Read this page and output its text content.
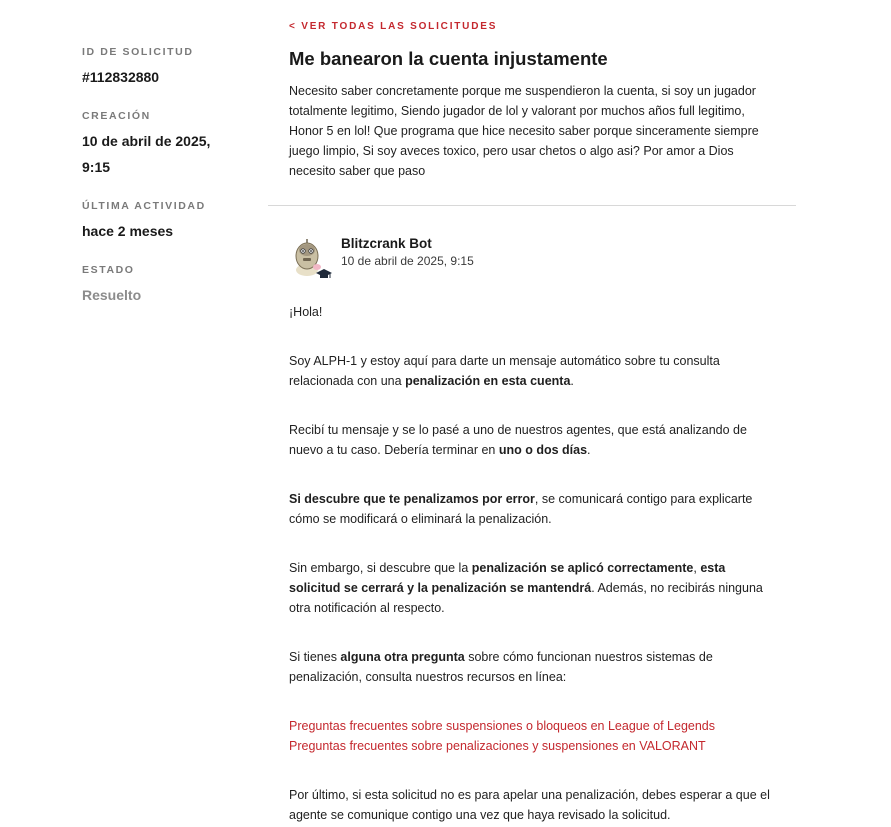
ID DE SOLICITUD
#112832880
CREACIÓN
10 de abril de 2025,
9:15
ÚLTIMA ACTIVIDAD
hace 2 meses
ESTADO
Resuelto
< VER TODAS LAS SOLICITUDES
Me banearon la cuenta injustamente

Necesito saber concretamente porque me suspendieron la cuenta, si soy un jugador totalmente legitimo, Siendo jugador de lol y valorant por muchos años full legitimo, Honor 5 en lol! Que programa que hice necesito saber porque sinceramente siempre juego limpio, Si soy aveces toxico, pero usar chetos o algo asi? Por amor a Dios necesito saber que paso

Blitzcrank Bot
10 de abril de 2025, 9:15
¡Hola!
Soy ALPH-1 y estoy aquí para darte un mensaje automático sobre tu consulta relacionada con una penalización en esta cuenta.
Recibí tu mensaje y se lo pasé a uno de nuestros agentes, que está analizando de nuevo a tu caso. Debería terminar en uno o dos días.
Si descubre que te penalizamos por error, se comunicará contigo para explicarte cómo se modificará o eliminará la penalización.
Sin embargo, si descubre que la penalización se aplicó correctamente, esta solicitud se cerrará y la penalización se mantendrá. Además, no recibirás ninguna otra notificación al respecto.
Si tienes alguna otra pregunta sobre cómo funcionan nuestros sistemas de penalización, consulta nuestros recursos en línea:
Preguntas frecuentes sobre suspensiones o bloqueos en League of Legends
Preguntas frecuentes sobre penalizaciones y suspensiones en VALORANT
Por último, si esta solicitud no es para apelar una penalización, debes esperar a que el agente se comunique contigo una vez que haya revisado la solicitud.
